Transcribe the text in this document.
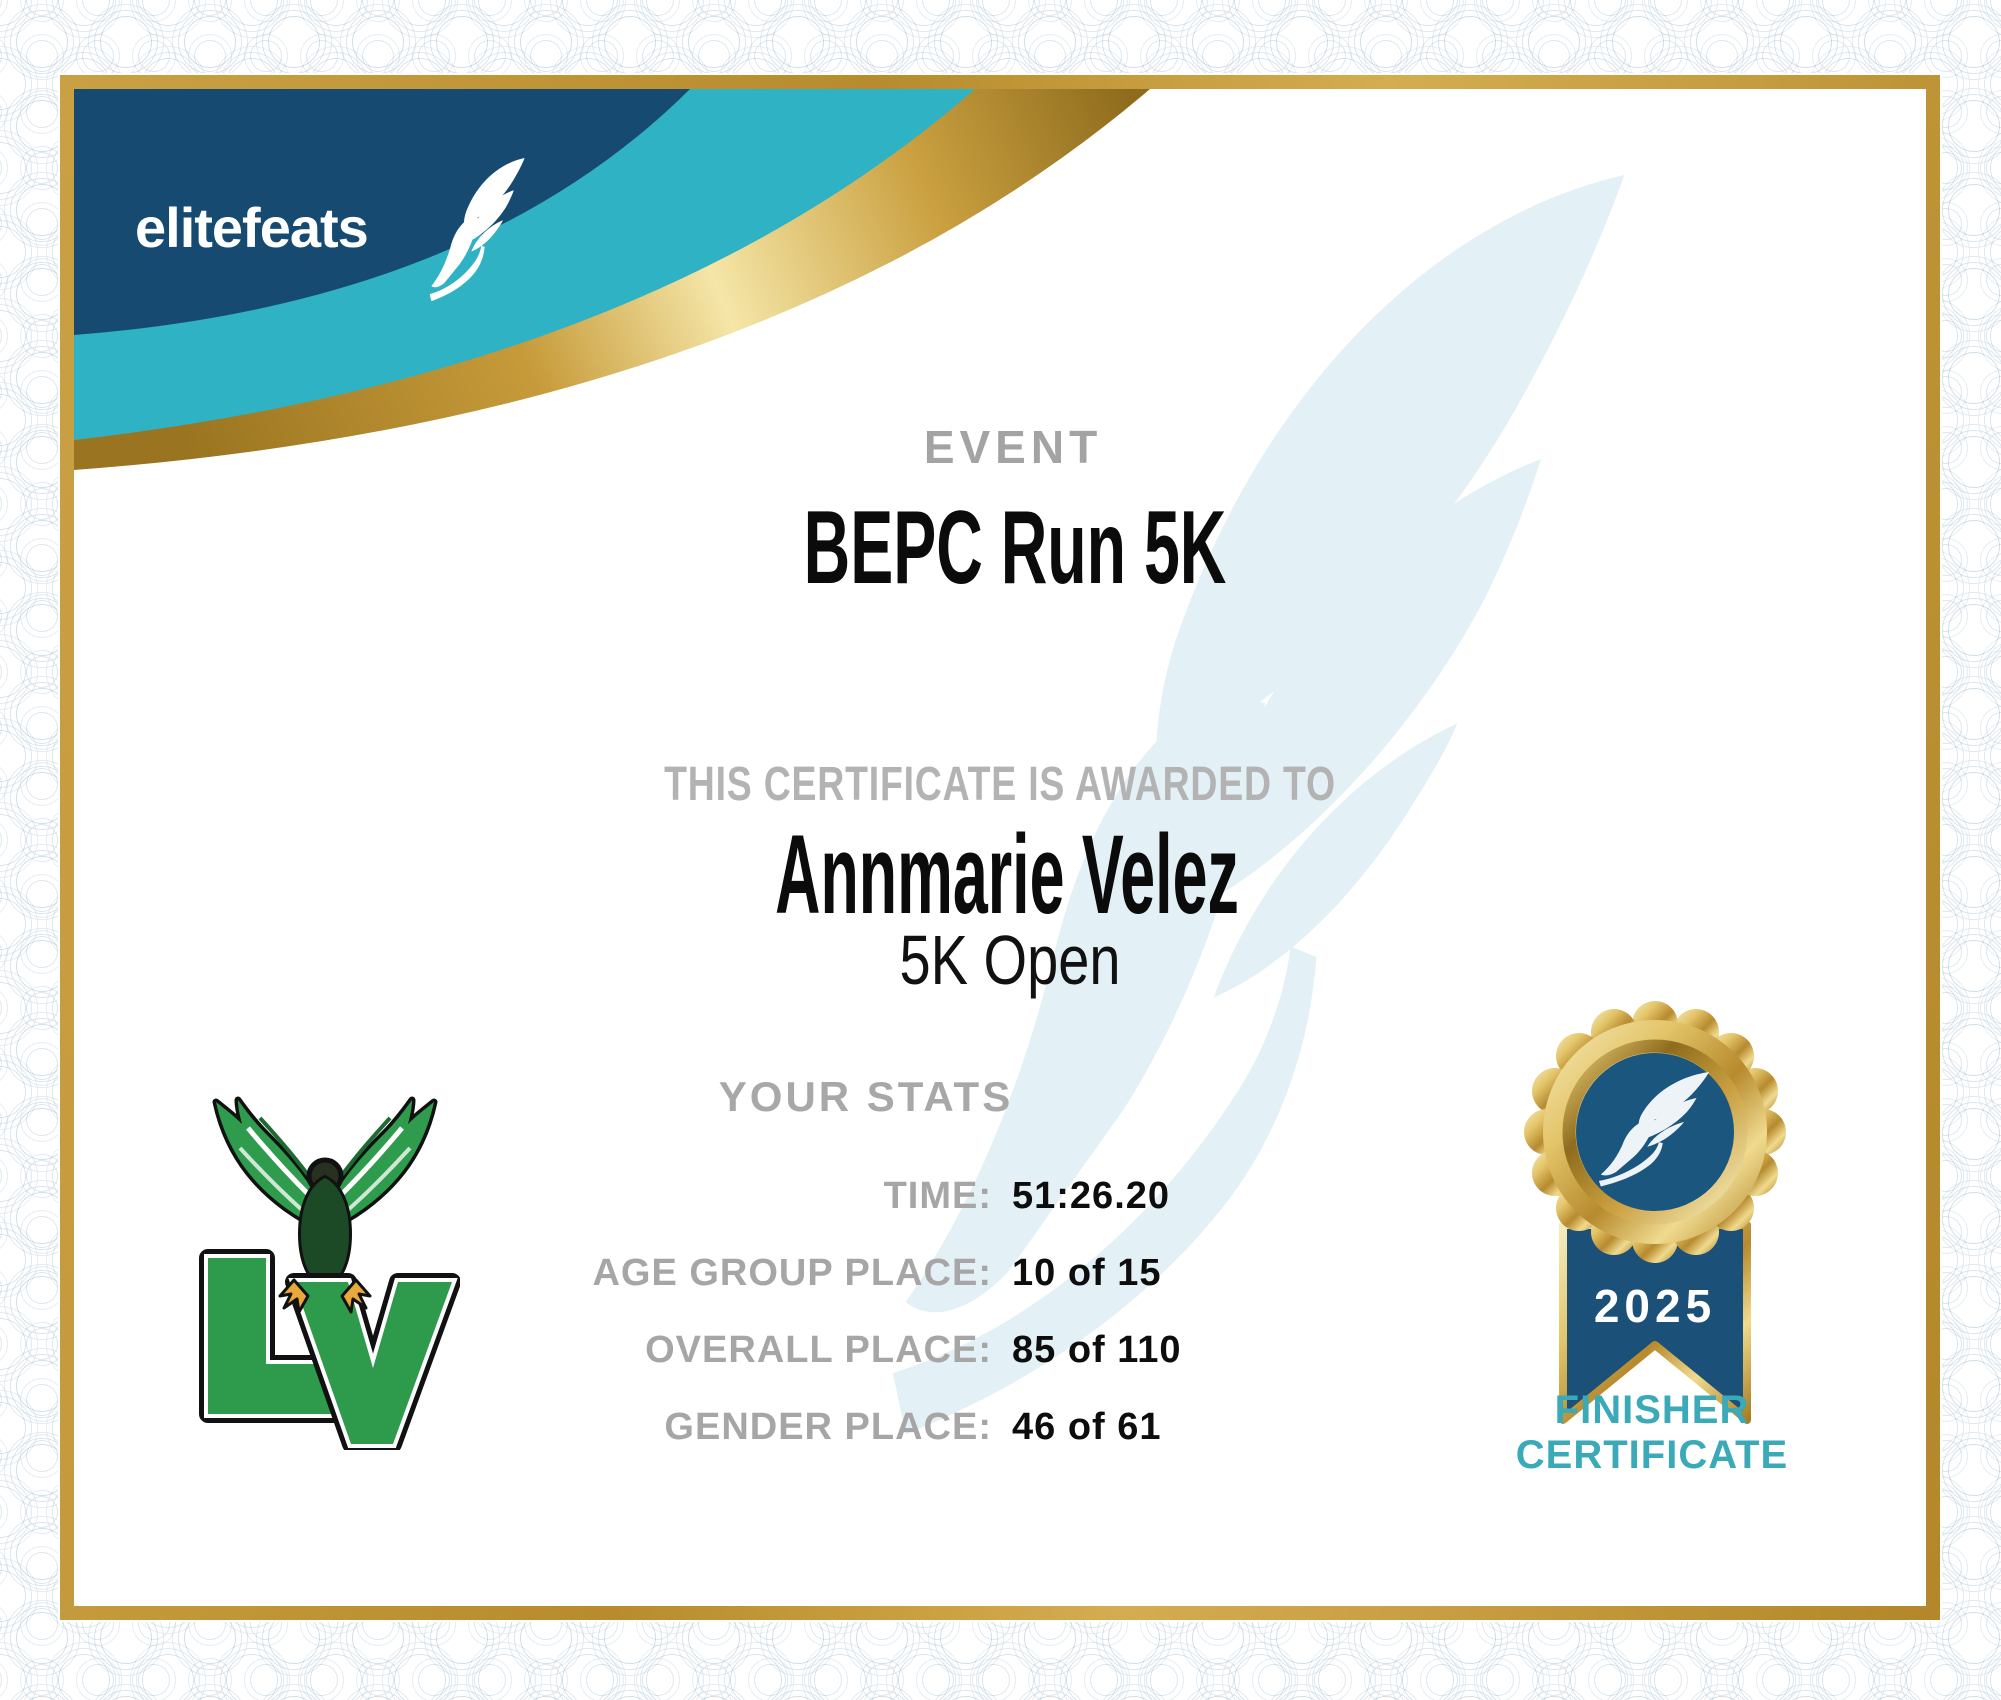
elitefeats
EVENT
BEPC Run 5K
THIS CERTIFICATE IS AWARDED TO
Annmarie Velez
5K Open
YOUR STATS
TIME: 51:26.20
AGE GROUP PLACE: 10 of 15
OVERALL PLACE: 85 of 110
GENDER PLACE: 46 of 61
2025
FINISHER
CERTIFICATE
